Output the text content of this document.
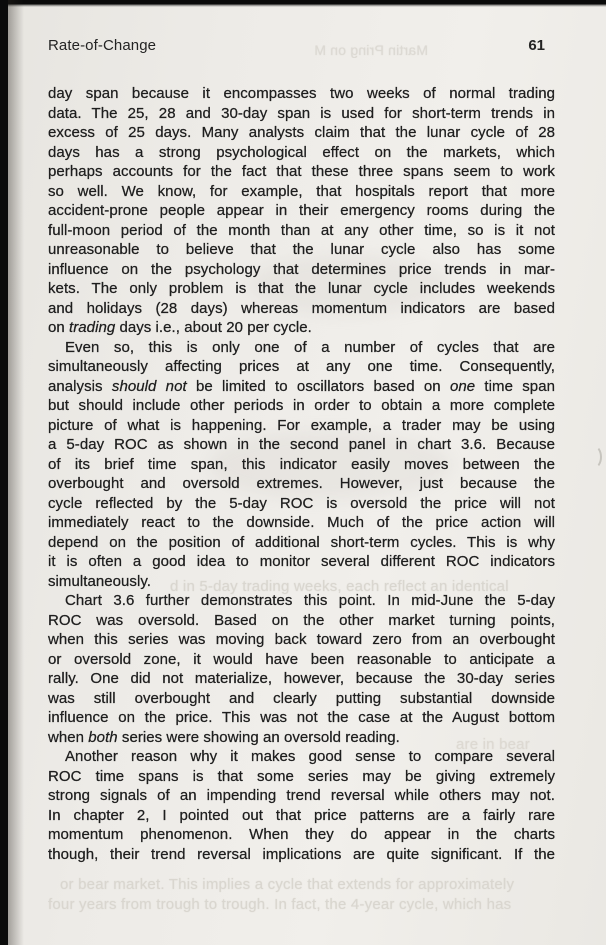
Martin Pring on M
Rate-of-Change	61
d in 5-day trading weeks, each reflect an identical
are in bear
day span because it encompasses two weeks of normal trading
data. The 25, 28 and 30-day span is used for short-term trends in
excess of 25 days. Many analysts claim that the lunar cycle of 28
days has a strong psychological effect on the markets, which
perhaps accounts for the fact that these three spans seem to work
so well. We know, for example, that hospitals report that more
accident-prone people appear in their emergency rooms during the
full-moon period of the month than at any other time, so is it not
unreasonable to believe that the lunar cycle also has some
influence on the psychology that determines price trends in mar-
kets. The only problem is that the lunar cycle includes weekends
and holidays (28 days) whereas momentum indicators are based
on trading days i.e., about 20 per cycle.
Even so, this is only one of a number of cycles that are
simultaneously affecting prices at any one time. Consequently,
analysis should not be limited to oscillators based on one time span
but should include other periods in order to obtain a more complete
picture of what is happening. For example, a trader may be using
a 5-day ROC as shown in the second panel in chart 3.6. Because
of its brief time span, this indicator easily moves between the
overbought and oversold extremes. However, just because the
cycle reflected by the 5-day ROC is oversold the price will not
immediately react to the downside. Much of the price action will
depend on the position of additional short-term cycles. This is why
it is often a good idea to monitor several different ROC indicators
simultaneously.
Chart 3.6 further demonstrates this point. In mid-June the 5-day
ROC was oversold. Based on the other market turning points,
when this series was moving back toward zero from an overbought
or oversold zone, it would have been reasonable to anticipate a
rally. One did not materialize, however, because the 30-day series
was still overbought and clearly putting substantial downside
influence on the price. This was not the case at the August bottom
when both series were showing an oversold reading.
Another reason why it makes good sense to compare several
ROC time spans is that some series may be giving extremely
strong signals of an impending trend reversal while others may not.
In chapter 2, I pointed out that price patterns are a fairly rare
momentum phenomenon. When they do appear in the charts
though, their trend reversal implications are quite significant. If the
or bear market. This implies a cycle that extends for approximately
four years from trough to trough. In fact, the 4-year cycle, which has
